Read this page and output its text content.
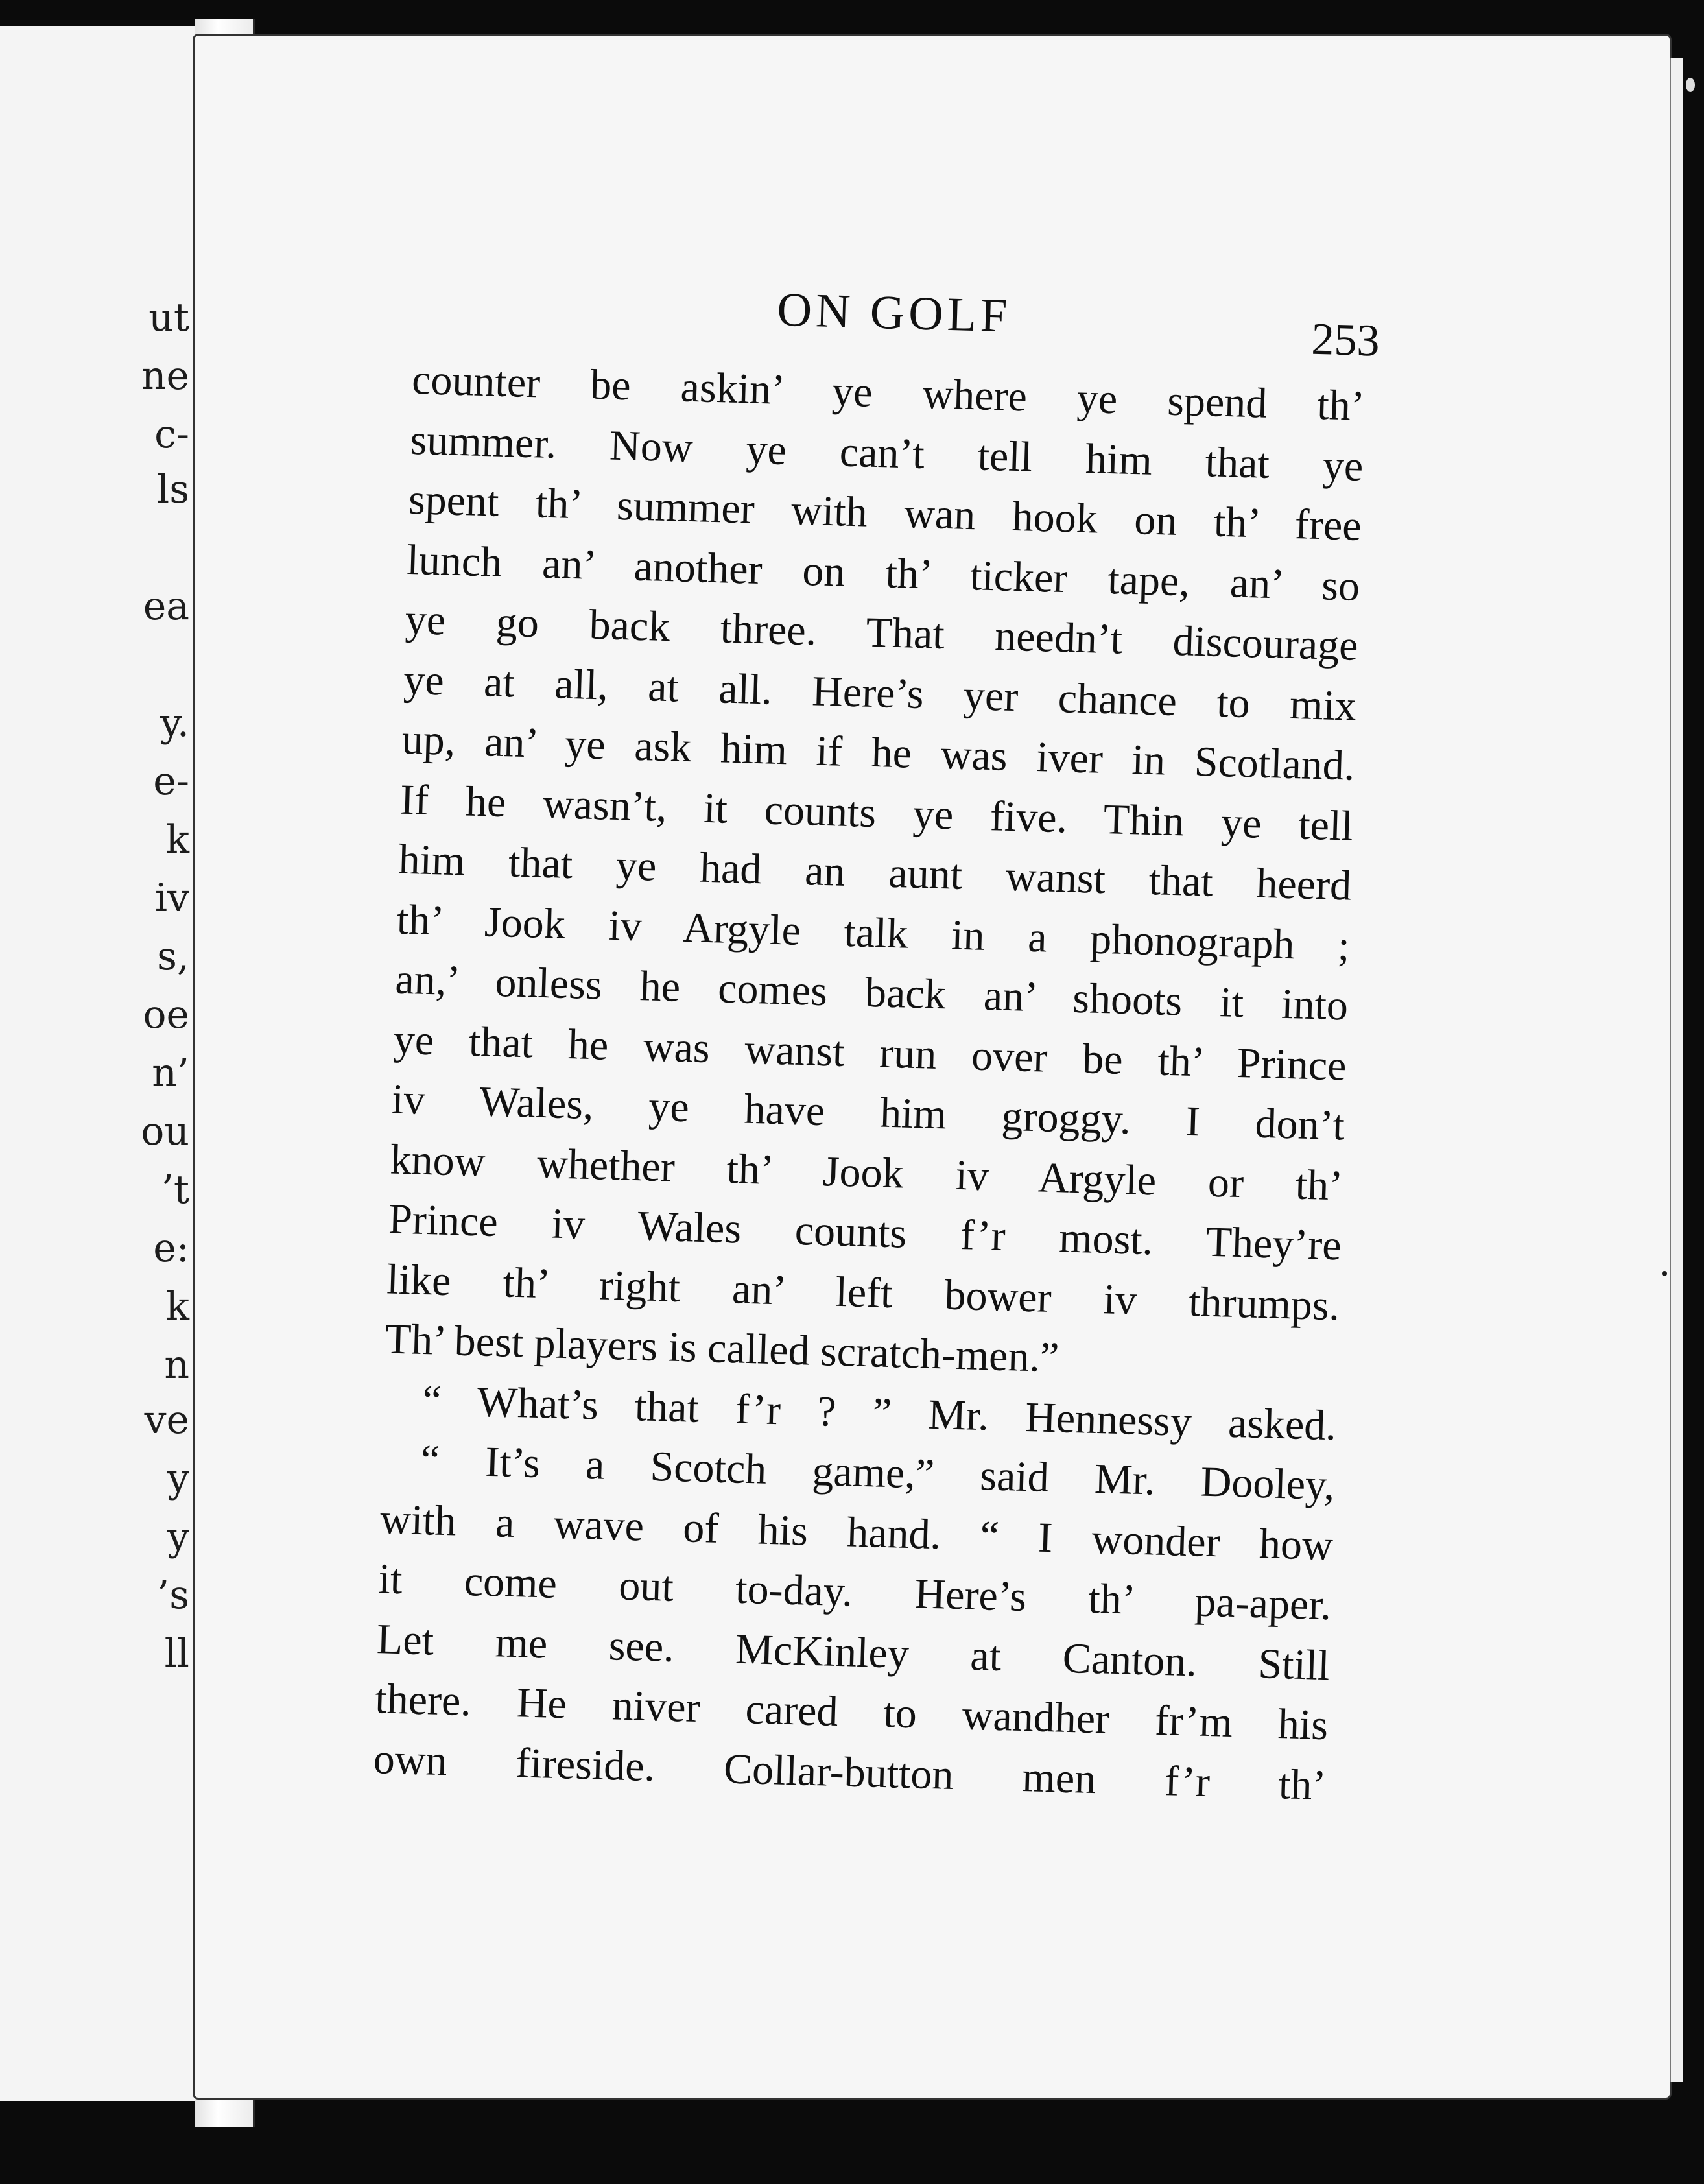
ut
ne
c-
ls
ea
y.
e-
k
iv
s,
oe
n’
ou
’t
e:
k
n
ve
y
y
’s
ll
ON GOLF	253
counter be askin’ ye where ye spend th’
summer. Now ye can’t tell him that ye
spent th’ summer with wan hook on th’ free
lunch an’ another on th’ ticker tape, an’ so
ye go back three. That needn’t discourage
ye at all, at all. Here’s yer chance to mix
up, an’ ye ask him if he was iver in Scotland.
If he wasn’t, it counts ye five. Thin ye tell
him that ye had an aunt wanst that heerd
th’ Jook iv Argyle talk in a phonograph ;
an,’ onless he comes back an’ shoots it into
ye that he was wanst run over be th’ Prince
iv Wales, ye have him groggy. I don’t
know whether th’ Jook iv Argyle or th’
Prince iv Wales counts f’r most. They’re
like th’ right an’ left bower iv thrumps.
Th’ best players is called scratch-men.”
“ What’s that f’r ? ” Mr. Hennessy asked.
“ It’s a Scotch game,” said Mr. Dooley,
with a wave of his hand. “ I wonder how
it come out to-day. Here’s th’ pa-aper.
Let me see. McKinley at Canton. Still
there. He niver cared to wandher fr’m his
own fireside. Collar-button men f’r th’
